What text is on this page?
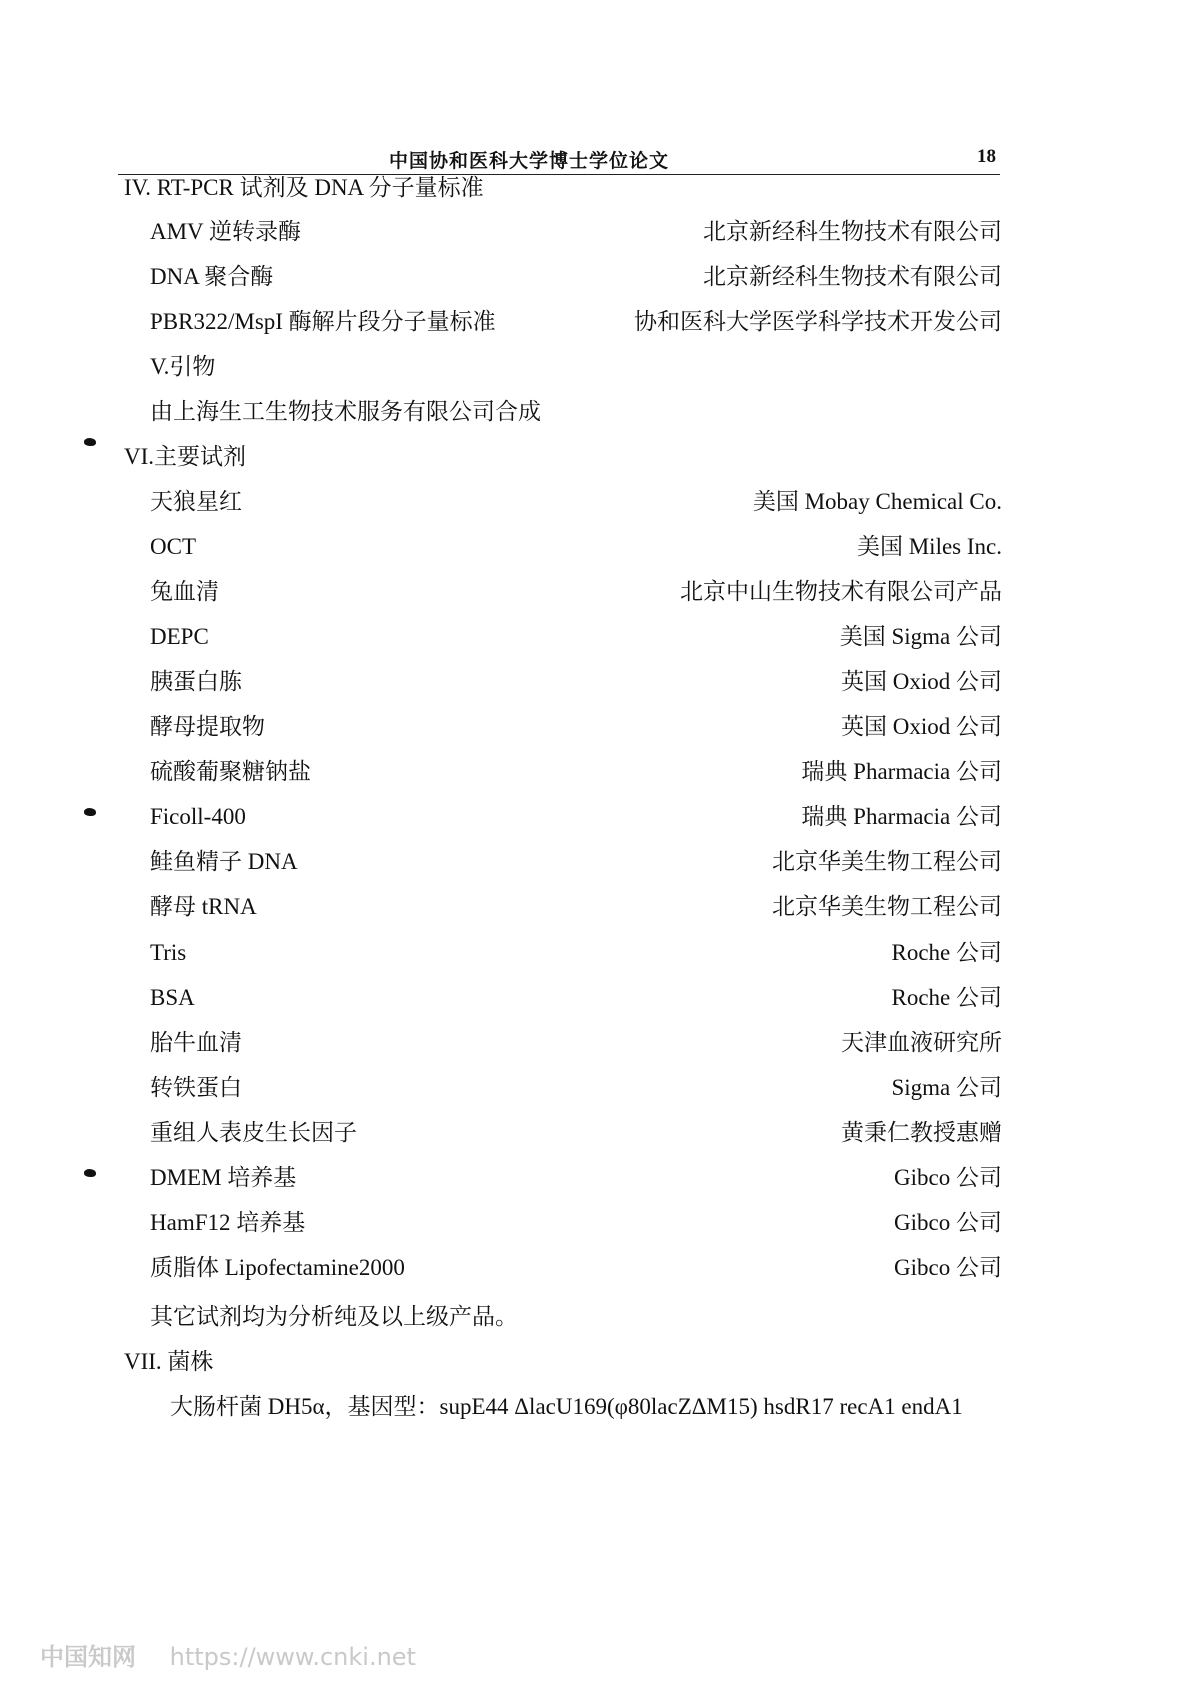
中国协和医科大学博士学位论文	18
IV. RT-PCR 试剂及 DNA 分子量标准
AMV 逆转录酶	北京新经科生物技术有限公司
DNA 聚合酶	北京新经科生物技术有限公司
PBR322/MspI 酶解片段分子量标准	协和医科大学医学科学技术开发公司
V.引物
由上海生工生物技术服务有限公司合成
VI.主要试剂
天狼星红	美国 Mobay Chemical Co.
OCT	美国 Miles Inc.
兔血清	北京中山生物技术有限公司产品
DEPC	美国 Sigma 公司
胰蛋白胨	英国 Oxiod 公司
酵母提取物	英国 Oxiod 公司
硫酸葡聚糖钠盐	瑞典 Pharmacia 公司
Ficoll-400	瑞典 Pharmacia 公司
鲑鱼精子 DNA	北京华美生物工程公司
酵母 tRNA	北京华美生物工程公司
Tris	Roche 公司
BSA	Roche 公司
胎牛血清	天津血液研究所
转铁蛋白	Sigma 公司
重组人表皮生长因子	黄秉仁教授惠赠
DMEM 培养基	Gibco 公司
HamF12 培养基	Gibco 公司
质脂体 Lipofectamine2000	Gibco 公司
其它试剂均为分析纯及以上级产品。
VII. 菌株
大肠杆菌 DH5α，基因型：supE44 ΔlacU169(φ80lacZΔM15) hsdR17 recA1 endA1
中国知网 https://www.cnki.net
